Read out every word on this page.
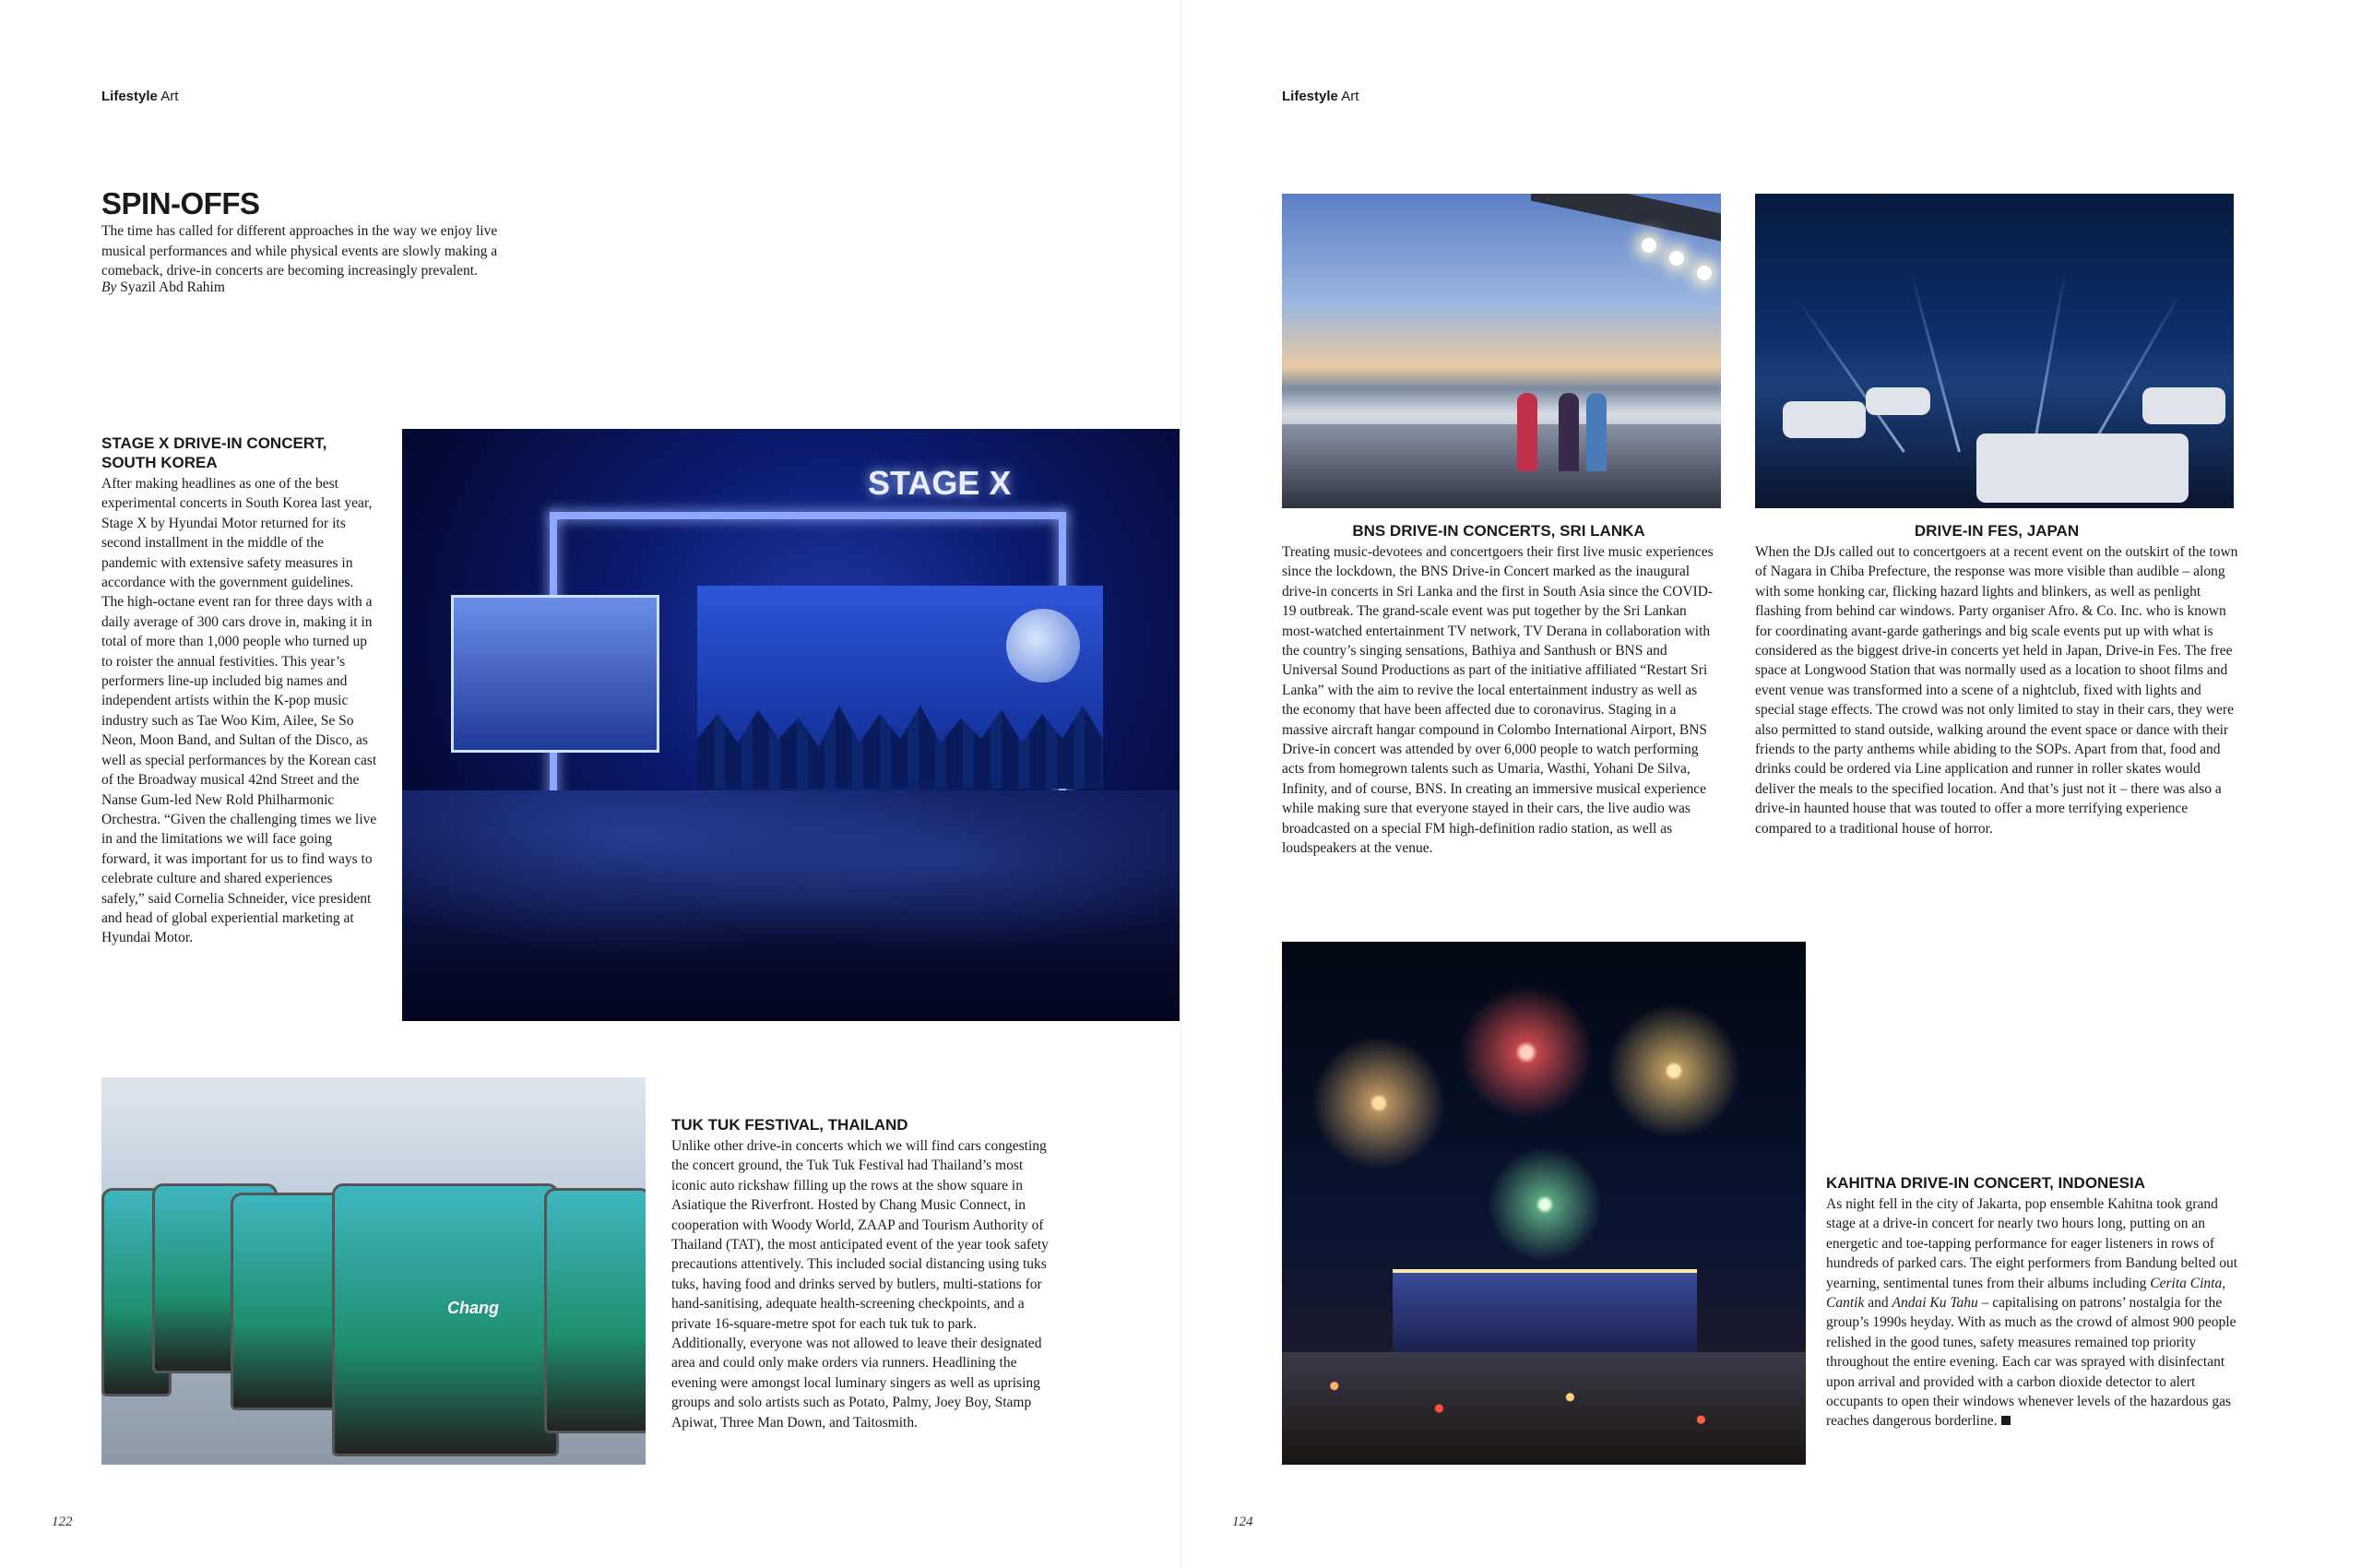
Lifestyle Art
SPIN-OFFS
The time has called for different approaches in the way we enjoy live musical performances and while physical events are slowly making a comeback, drive-in concerts are becoming increasingly prevalent.
By Syazil Abd Rahim
STAGE X DRIVE-IN CONCERT, SOUTH KOREA

After making headlines as one of the best experimental concerts in South Korea last year, Stage X by Hyundai Motor returned for its second installment in the middle of the pandemic with extensive safety measures in accordance with the government guidelines. The high-octane event ran for three days with a daily average of 300 cars drove in, making it in total of more than 1,000 people who turned up to roister the annual festivities. This year’s performers line-up included big names and independent artists within the K-pop music industry such as Tae Woo Kim, Ailee, Se So Neon, Moon Band, and Sultan of the Disco, as well as special performances by the Korean cast of the Broadway musical 42nd Street and the Nanse Gum-led New Rold Philharmonic Orchestra. “Given the challenging times we live in and the limitations we will face going forward, it was important for us to find ways to celebrate culture and shared experiences safely,” said Cornelia Schneider, vice president and head of global experiential marketing at Hyundai Motor.

STAGE X
Chang
TUK TUK FESTIVAL, THAILAND

Unlike other drive-in concerts which we will find cars congesting the concert ground, the Tuk Tuk Festival had Thailand’s most iconic auto rickshaw filling up the rows at the show square in Asiatique the Riverfront. Hosted by Chang Music Connect, in cooperation with Woody World, ZAAP and Tourism Authority of Thailand (TAT), the most anticipated event of the year took safety precautions attentively. This included social distancing using tuks tuks, having food and drinks served by butlers, multi-stations for hand-sanitising, adequate health-screening checkpoints, and a private 16-square-metre spot for each tuk tuk to park. Additionally, everyone was not allowed to leave their designated area and could only make orders via runners. Headlining the evening were amongst local luminary singers as well as uprising groups and solo artists such as Potato, Palmy, Joey Boy, Stamp Apiwat, Three Man Down, and Taitosmith.

122
Lifestyle Art
BNS DRIVE-IN CONCERTS, SRI LANKA

Treating music-devotees and concertgoers their first live music experiences since the lockdown, the BNS Drive-in Concert marked as the inaugural drive-in concerts in Sri Lanka and the first in South Asia since the COVID-19 outbreak. The grand-scale event was put together by the Sri Lankan most-watched entertainment TV network, TV Derana in collaboration with the country’s singing sensations, Bathiya and Santhush or BNS and Universal Sound Productions as part of the initiative affiliated “Restart Sri Lanka” with the aim to revive the local entertainment industry as well as the economy that have been affected due to coronavirus. Staging in a massive aircraft hangar compound in Colombo International Airport, BNS Drive-in concert was attended by over 6,000 people to watch performing acts from homegrown talents such as Umaria, Wasthi, Yohani De Silva, Infinity, and of course, BNS. In creating an immersive musical experience while making sure that everyone stayed in their cars, the live audio was broadcasted on a special FM high-definition radio station, as well as loudspeakers at the venue.

DRIVE-IN FES, JAPAN

When the DJs called out to concertgoers at a recent event on the outskirt of the town of Nagara in Chiba Prefecture, the response was more visible than audible – along with some honking car, flicking hazard lights and blinkers, as well as penlight flashing from behind car windows. Party organiser Afro. & Co. Inc. who is known for coordinating avant-garde gatherings and big scale events put up with what is considered as the biggest drive-in concerts yet held in Japan, Drive-in Fes. The free space at Longwood Station that was normally used as a location to shoot films and event venue was transformed into a scene of a nightclub, fixed with lights and special stage effects. The crowd was not only limited to stay in their cars, they were also permitted to stand outside, walking around the event space or dance with their friends to the party anthems while abiding to the SOPs. Apart from that, food and drinks could be ordered via Line application and runner in roller skates would deliver the meals to the specified location. And that’s just not it – there was also a drive-in haunted house that was touted to offer a more terrifying experience compared to a traditional house of horror.

KAHITNA DRIVE-IN CONCERT, INDONESIA

As night fell in the city of Jakarta, pop ensemble Kahitna took grand stage at a drive-in concert for nearly two hours long, putting on an energetic and toe-tapping performance for eager listeners in rows of hundreds of parked cars. The eight performers from Bandung belted out yearning, sentimental tunes from their albums including Cerita Cinta, Cantik and Andai Ku Tahu – capitalising on patrons’ nostalgia for the group’s 1990s heyday. With as much as the crowd of almost 900 people relished in the good tunes, safety measures remained top priority throughout the entire evening. Each car was sprayed with disinfectant upon arrival and provided with a carbon dioxide detector to alert occupants to open their windows whenever levels of the hazardous gas reaches dangerous borderline.

124
